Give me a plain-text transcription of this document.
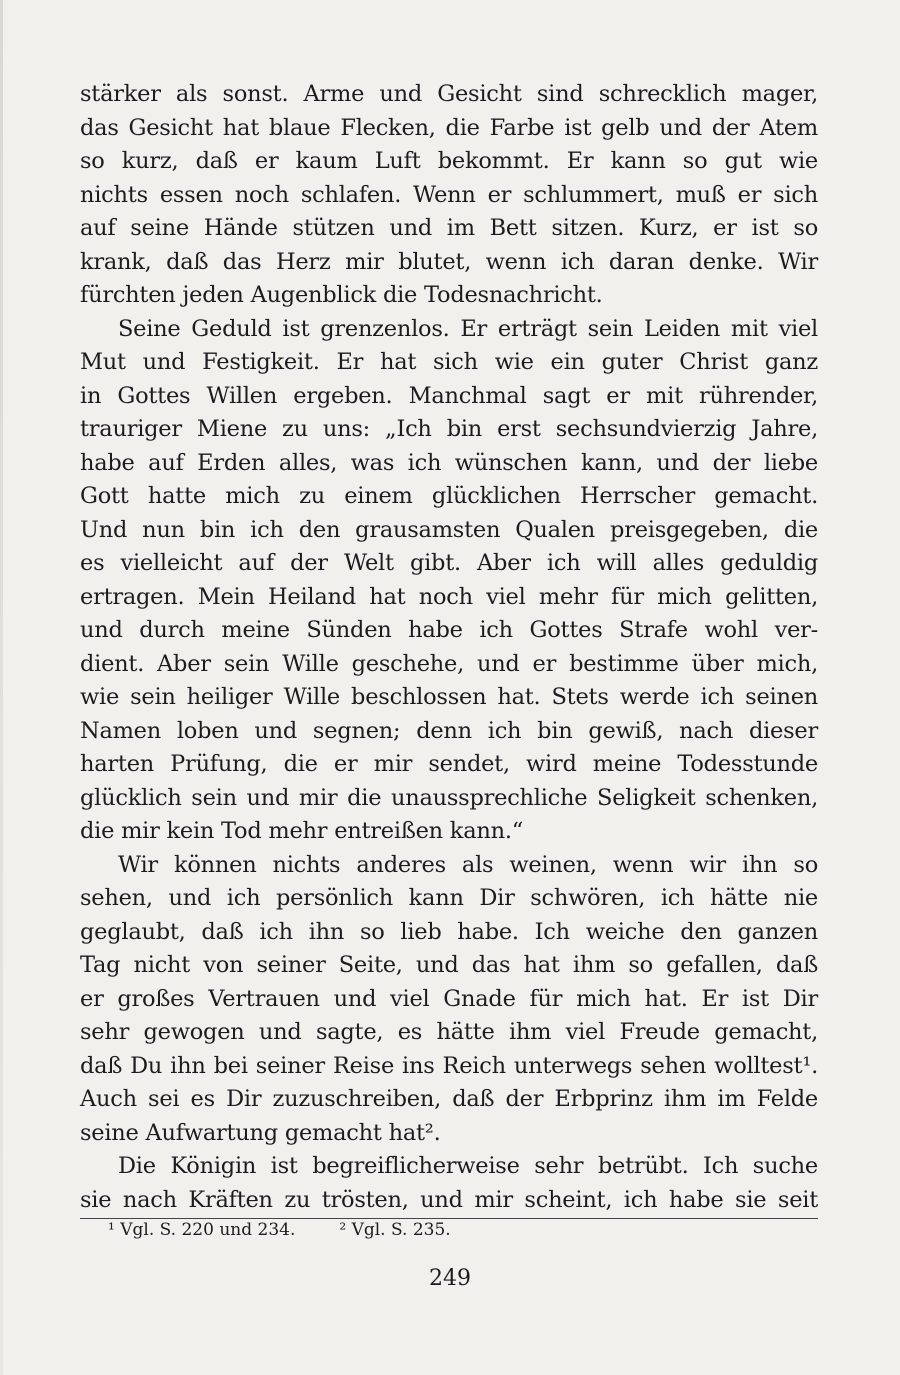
stärker als sonst. Arme und Gesicht sind schrecklich mager,
das Gesicht hat blaue Flecken, die Farbe ist gelb und der Atem
so kurz, daß er kaum Luft bekommt. Er kann so gut wie
nichts essen noch schlafen. Wenn er schlummert, muß er sich
auf seine Hände stützen und im Bett sitzen. Kurz, er ist so
krank, daß das Herz mir blutet, wenn ich daran denke. Wir
fürchten jeden Augenblick die Todesnachricht.
Seine Geduld ist grenzenlos. Er erträgt sein Leiden mit viel
Mut und Festigkeit. Er hat sich wie ein guter Christ ganz
in Gottes Willen ergeben. Manchmal sagt er mit rührender,
trauriger Miene zu uns: „Ich bin erst sechsundvierzig Jahre,
habe auf Erden alles, was ich wünschen kann, und der liebe
Gott hatte mich zu einem glücklichen Herrscher gemacht.
Und nun bin ich den grausamsten Qualen preisgegeben, die
es vielleicht auf der Welt gibt. Aber ich will alles geduldig
ertragen. Mein Heiland hat noch viel mehr für mich gelitten,
und durch meine Sünden habe ich Gottes Strafe wohl ver-
dient. Aber sein Wille geschehe, und er bestimme über mich,
wie sein heiliger Wille beschlossen hat. Stets werde ich seinen
Namen loben und segnen; denn ich bin gewiß, nach dieser
harten Prüfung, die er mir sendet, wird meine Todesstunde
glücklich sein und mir die unaussprechliche Seligkeit schenken,
die mir kein Tod mehr entreißen kann.“
Wir können nichts anderes als weinen, wenn wir ihn so
sehen, und ich persönlich kann Dir schwören, ich hätte nie
geglaubt, daß ich ihn so lieb habe. Ich weiche den ganzen
Tag nicht von seiner Seite, und das hat ihm so gefallen, daß
er großes Vertrauen und viel Gnade für mich hat. Er ist Dir
sehr gewogen und sagte, es hätte ihm viel Freude gemacht,
daß Du ihn bei seiner Reise ins Reich unterwegs sehen wolltest¹.
Auch sei es Dir zuzuschreiben, daß der Erbprinz ihm im Felde
seine Aufwartung gemacht hat².
Die Königin ist begreiflicherweise sehr betrübt. Ich suche
sie nach Kräften zu trösten, und mir scheint, ich habe sie seit
¹ Vgl. S. 220 und 234.	² Vgl. S. 235.
249
